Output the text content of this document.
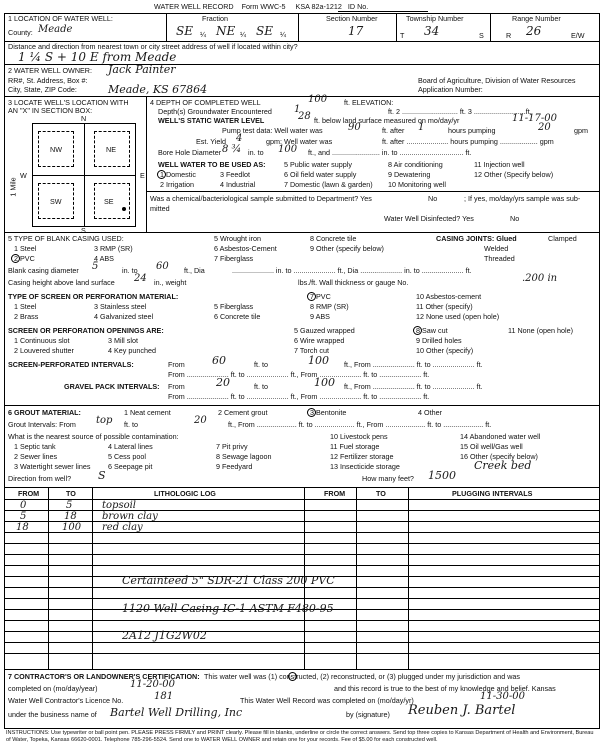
WATER WELL RECORD Form WWC-5 KSA 82a-1212 ID No.
1 LOCATION OF WATER WELL:
County: Meade
Fraction
SE ¼ NE ¼ SE ¼
Section Number
17
Township Number
T 34	S
Range Number
R 26	E/W
Distance and direction from nearest town or city street address of well if located within city?
1 ¼ S + 10 E from Meade
2 WATER WELL OWNER: Jack Painter
RR#, St. Address, Box #:
City, State, ZIP Code:	Meade, KS 67864
Board of Agriculture, Division of Water Resources
Application Number:
3 LOCATE WELL'S LOCATION WITH
AN "X" IN SECTION BOX:
N
S
W	E
NW	NE
SW	SE
1 Mile
4 DEPTH OF COMPLETED WELL	100 ft. ELEVATION:
Depth(s) Groundwater Encountered 1	ft. 2 ............................ ft. 3 ..........................ft.
WELL'S STATIC WATER LEVEL	28 ft. below land surface measured on mo/day/yr	11-17-00
Pump test data: Well water was	90	ft. after 1	hours pumping	20	gpm
Est. Yield 4	gpm: Well water was	ft. after ..................... hours pumping ................... gpm
Bore Hole Diameter 8 ¾ in. to 100 ft., and ........................ in. to ................................ ft.
WELL WATER TO BE USED AS:	5 Public water supply	8 Air conditioning	11 Injection well
1 Domestic	3 Feedlot	6 Oil field water supply	9 Dewatering	12 Other (Specify below)
2 Irrigation	4 Industrial	7 Domestic (lawn & garden) 10 Monitoring well
Was a chemical/bacteriological sample submitted to Department? Yes	No	; If yes, mo/day/yrs sample was sub-
mitted
Water Well Disinfected? Yes	No
5 TYPE OF BLANK CASING USED:
1 Steel	3 RMP (SR)
5 Wrought iron	8 Concrete tile
2 PVC	4 ABS
6 Asbestos-Cement	9 Other (specify below)
7 Fiberglass
CASING JOINTS: Glued	Clamped
Welded
Threaded
Blank casing diameter 5	in. to 60 ft., Dia	..................... in. to ..................... ft., Dia ..................... in. to ..................... ft.
Casing height above land surface 24 in., weight	lbs./ft. Wall thickness or gauge No.	.200 in
TYPE OF SCREEN OR PERFORATION MATERIAL:
1 Steel	3 Stainless steel	5 Fiberglass
7 PVC	10 Asbestos-cement
2 Brass	4 Galvanized steel	6 Concrete tile
8 RMP (SR)	11 Other (specify)
9 ABS	12 None used (open hole)
SCREEN OR PERFORATION OPENINGS ARE:
1 Continuous slot	3 Mill slot
5 Gauzed wrapped	8 Saw cut	11 None (open hole)
2 Louvered shutter	4 Key punched
6 Wire wrapped	9 Drilled holes
7 Torch cut	10 Other (specify)
SCREEN-PERFORATED INTERVALS:	From 60	ft. to	100 ft., From ..................... ft. to ..................... ft.
From ..................... ft. to ..................... ft., From ..................... ft. to ..................... ft.
GRAVEL PACK INTERVALS: From	20	ft. to	100 ft., From ..................... ft. to ..................... ft.
From ..................... ft. to ..................... ft., From ..................... ft. to ..................... ft.
6 GROUT MATERIAL:	1 Neat cement	2 Cement grout	3 Bentonite	4 Other
Grout Intervals: From top ft. to	20	ft., From .................... ft. to .................... ft., From .................... ft. to .................... ft.
What is the nearest source of possible contamination:
1 Septic tank	4 Lateral lines	7 Pit privy
10 Livestock pens	14 Abandoned water well
2 Sewer lines	5 Cess pool	8 Sewage lagoon
11 Fuel storage	15 Oil well/Gas well
3 Watertight sewer lines 6 Seepage pit	9 Feedyard
12 Fertilizer storage	16 Other (specify below)
13 Insecticide storage	Creek bed
Direction from well? S	How many feet? 1500
FROM	TO	LITHOLOGIC LOG	FROM	TO	PLUGGING INTERVALS
0	5	topsoil
5	18	brown clay
18	100 red clay
Certainteed 5" SDR-21 Class 200 PVC
1120 Well Casing IC-1 ASTM F480-95
2A12 J1G2W02
7 CONTRACTOR'S OR LANDOWNER'S CERTIFICATION: This water well was (1) constructed, (2) reconstructed, or (3) plugged under my jurisdiction and was
completed on (mo/day/year)	11-20-00	and this record is true to the best of my knowledge and belief. Kansas
Water Well Contractor's Licence No.	181	This Water Well Record was completed on (mo/day/yr)	11-30-00
under the business name of Bartel Well Drilling, Inc	by (signature) Reuben J. Bartel
INSTRUCTIONS: Use typewriter or ball point pen. PLEASE PRESS FIRMLY and PRINT clearly. Please fill in blanks, underline or circle the correct answers. Send top three copies to Kansas Department of Health and Environment, Bureau of Water, Topeka, Kansas 66620-0001. Telephone 785-296-5524. Send one to WATER WELL OWNER and retain one for your records. Fee of $5.00 for each constructed well.
